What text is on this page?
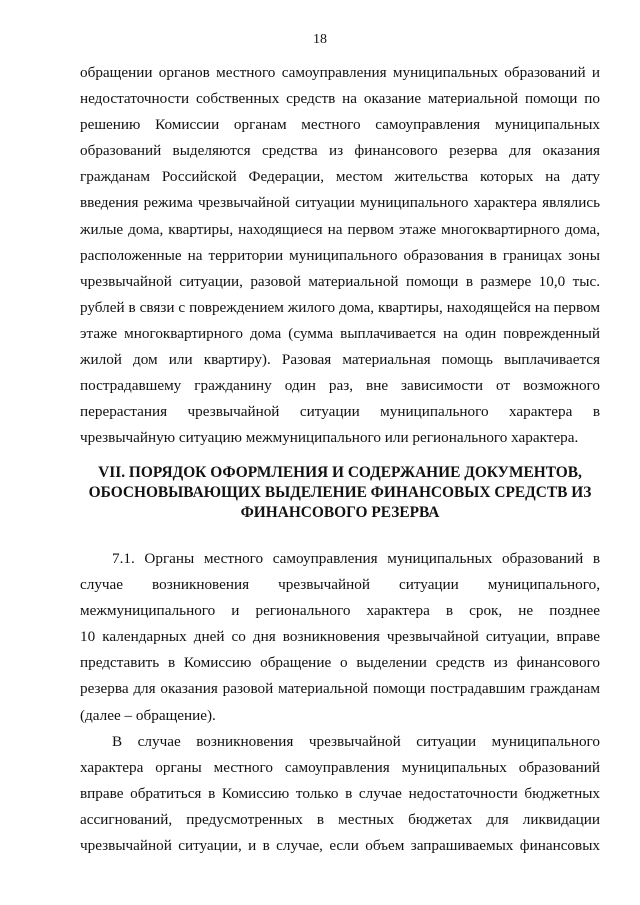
18
обращении органов местного самоуправления муниципальных образований и
недостаточности собственных средств на оказание материальной помощи по
решению Комиссии органам местного самоуправления муниципальных
образований выделяются средства из финансового резерва для оказания
гражданам Российской Федерации, местом жительства которых на дату
введения режима чрезвычайной ситуации муниципального характера являлись
жилые дома, квартиры, находящиеся на первом этаже многоквартирного дома,
расположенные на территории муниципального образования в границах зоны
чрезвычайной ситуации, разовой материальной помощи в размере 10,0 тыс.
рублей в связи с повреждением жилого дома, квартиры, находящейся на первом
этаже многоквартирного дома (сумма выплачивается на один поврежденный
жилой дом или квартиру). Разовая материальная помощь выплачивается
пострадавшему гражданину один раз, вне зависимости от возможного
перерастания чрезвычайной ситуации муниципального характера в
чрезвычайную ситуацию межмуниципального или регионального характера.
VII. ПОРЯДОК ОФОРМЛЕНИЯ И СОДЕРЖАНИЕ ДОКУМЕНТОВ,
ОБОСНОВЫВАЮЩИХ ВЫДЕЛЕНИЕ ФИНАНСОВЫХ СРЕДСТВ ИЗ
ФИНАНСОВОГО РЕЗЕРВА
7.1. Органы местного самоуправления муниципальных образований в
случае возникновения чрезвычайной ситуации муниципального,
межмуниципального и регионального характера в срок, не позднее
10 календарных дней со дня возникновения чрезвычайной ситуации, вправе
представить в Комиссию обращение о выделении средств из финансового
резерва для оказания разовой материальной помощи пострадавшим гражданам
(далее – обращение).
В случае возникновения чрезвычайной ситуации муниципального
характера органы местного самоуправления муниципальных образований
вправе обратиться в Комиссию только в случае недостаточности бюджетных
ассигнований, предусмотренных в местных бюджетах для ликвидации
чрезвычайной ситуации, и в случае, если объем запрашиваемых финансовых
